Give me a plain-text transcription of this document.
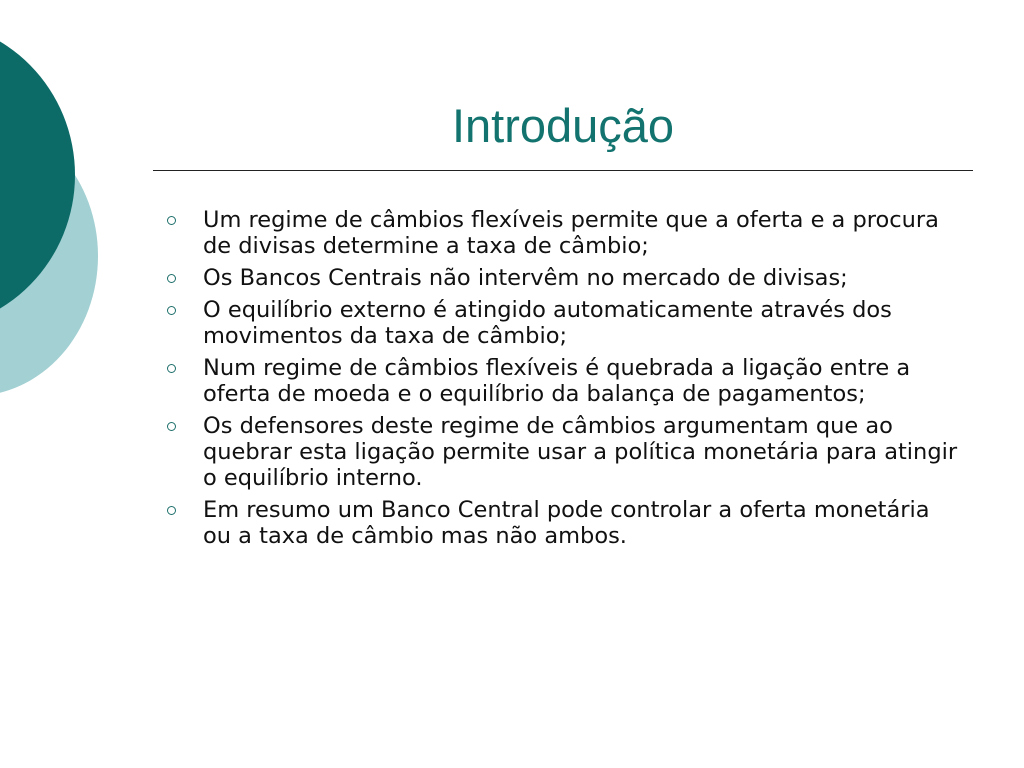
Introdução
Um regime de câmbios flexíveis permite que a oferta e a procura de divisas determine a taxa de câmbio;
Os Bancos Centrais não intervêm no mercado de divisas;
O equilíbrio externo é atingido automaticamente através dos movimentos da taxa de câmbio;
Num regime de câmbios flexíveis é quebrada a ligação entre a oferta de moeda e o equilíbrio da balança de pagamentos;
Os defensores deste regime de câmbios argumentam que ao quebrar esta ligação permite usar a política monetária para atingir o equilíbrio interno.
Em resumo um Banco Central pode controlar a oferta monetária ou a taxa de câmbio mas não ambos.
